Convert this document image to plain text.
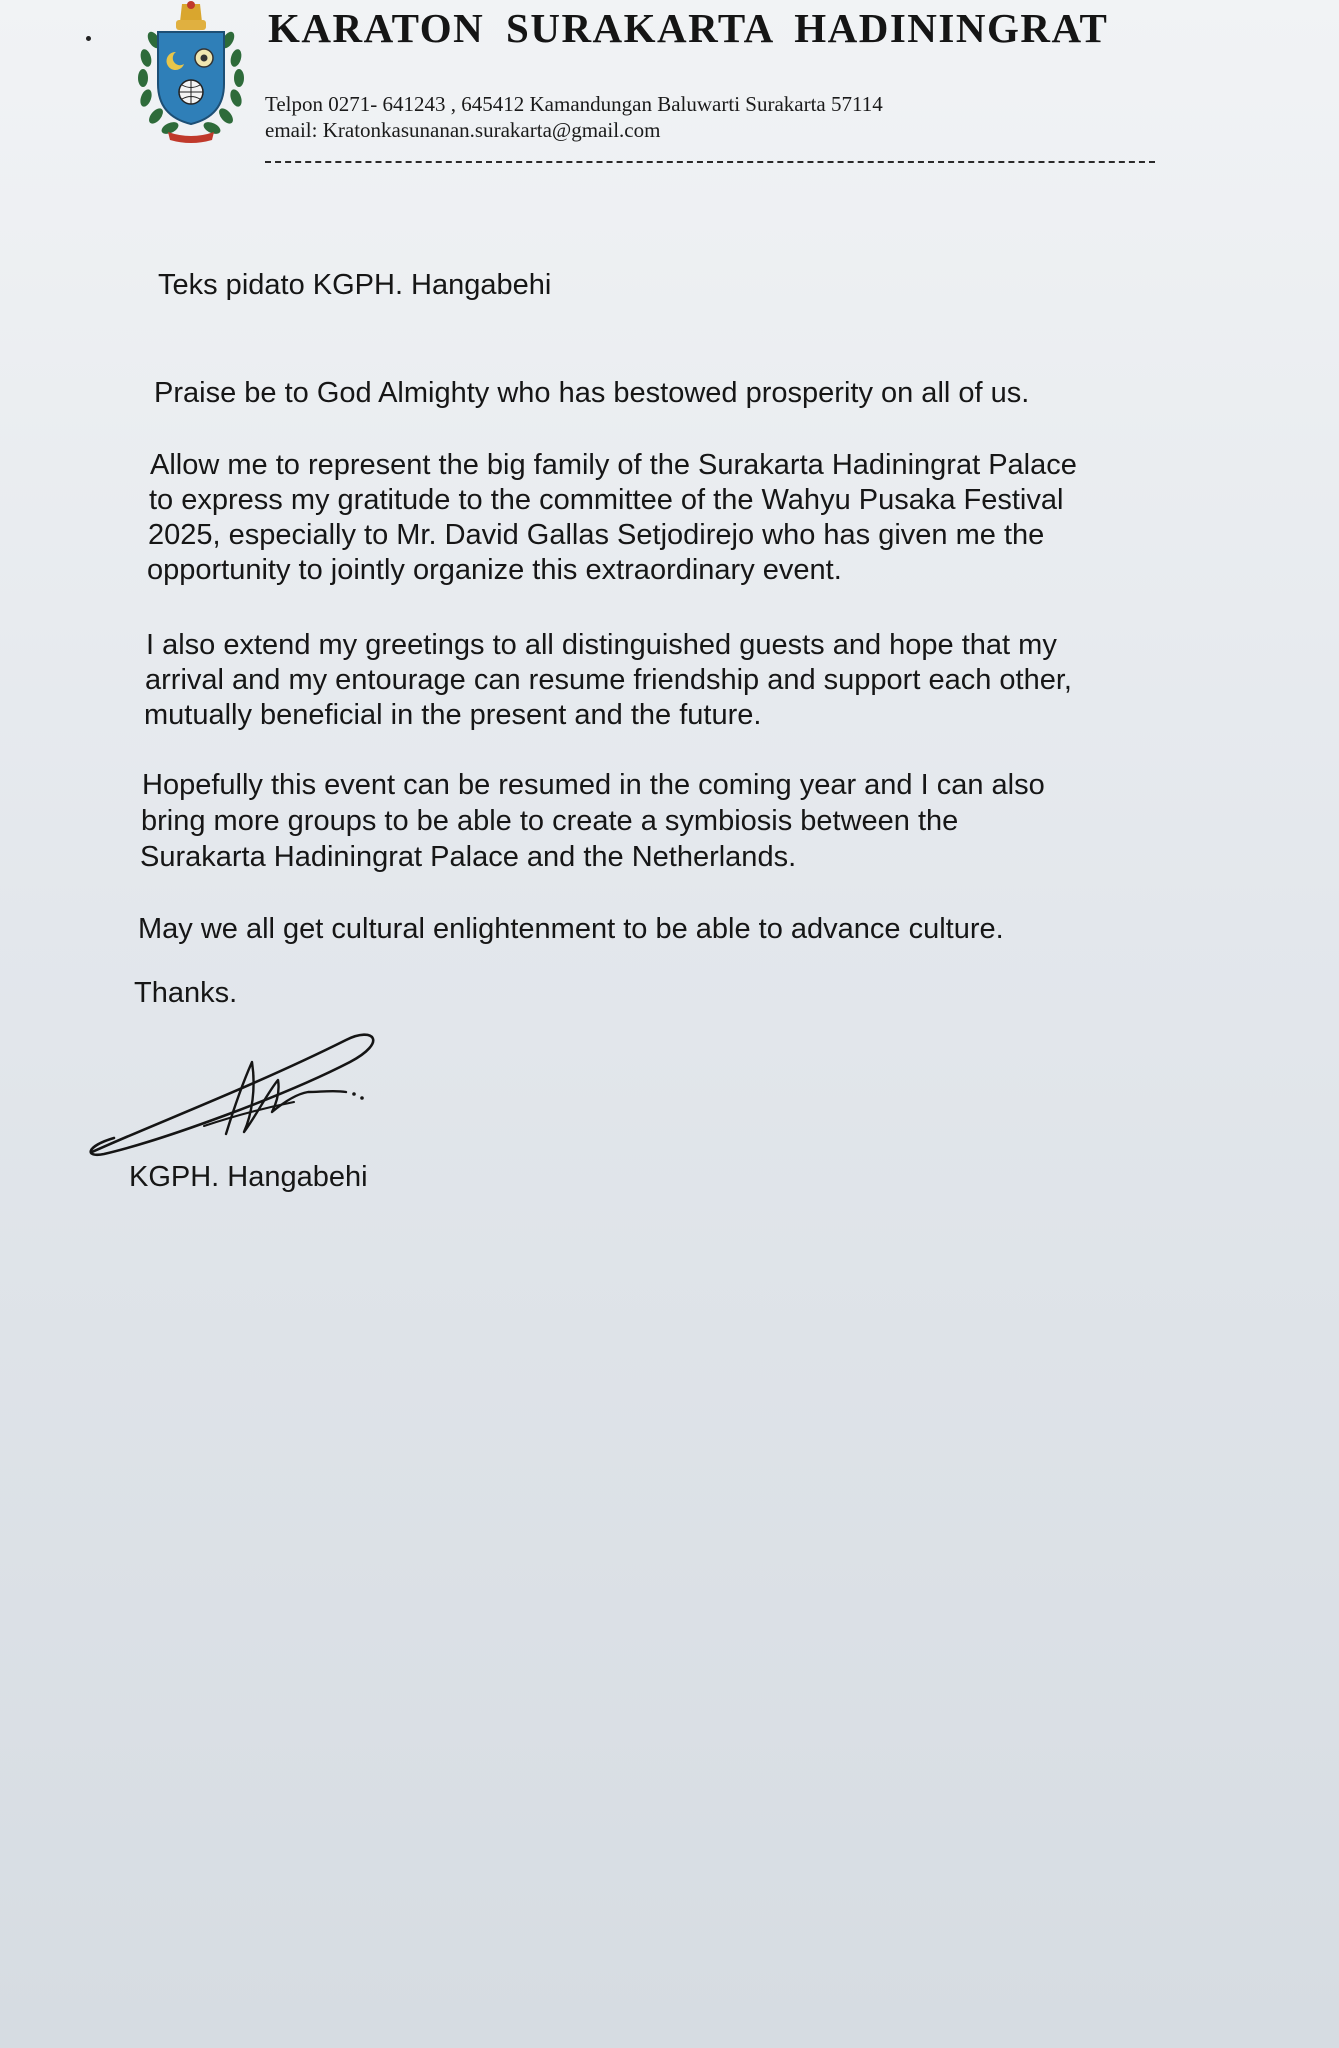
KARATON SURAKARTA HADININGRAT
Telpon 0271- 641243 , 645412 Kamandungan Baluwarti Surakarta 57114
email: Kratonkasunanan.surakarta@gmail.com
Teks pidato KGPH. Hangabehi
Praise be to God Almighty who has bestowed prosperity on all of us.
Allow me to represent the big family of the Surakarta Hadiningrat Palace
to express my gratitude to the committee of the Wahyu Pusaka Festival
2025, especially to Mr. David Gallas Setjodirejo who has given me the
opportunity to jointly organize this extraordinary event.
I also extend my greetings to all distinguished guests and hope that my
arrival and my entourage can resume friendship and support each other,
mutually beneficial in the present and the future.
Hopefully this event can be resumed in the coming year and I can also
bring more groups to be able to create a symbiosis between the
Surakarta Hadiningrat Palace and the Netherlands.
May we all get cultural enlightenment to be able to advance culture.
Thanks.
KGPH. Hangabehi
